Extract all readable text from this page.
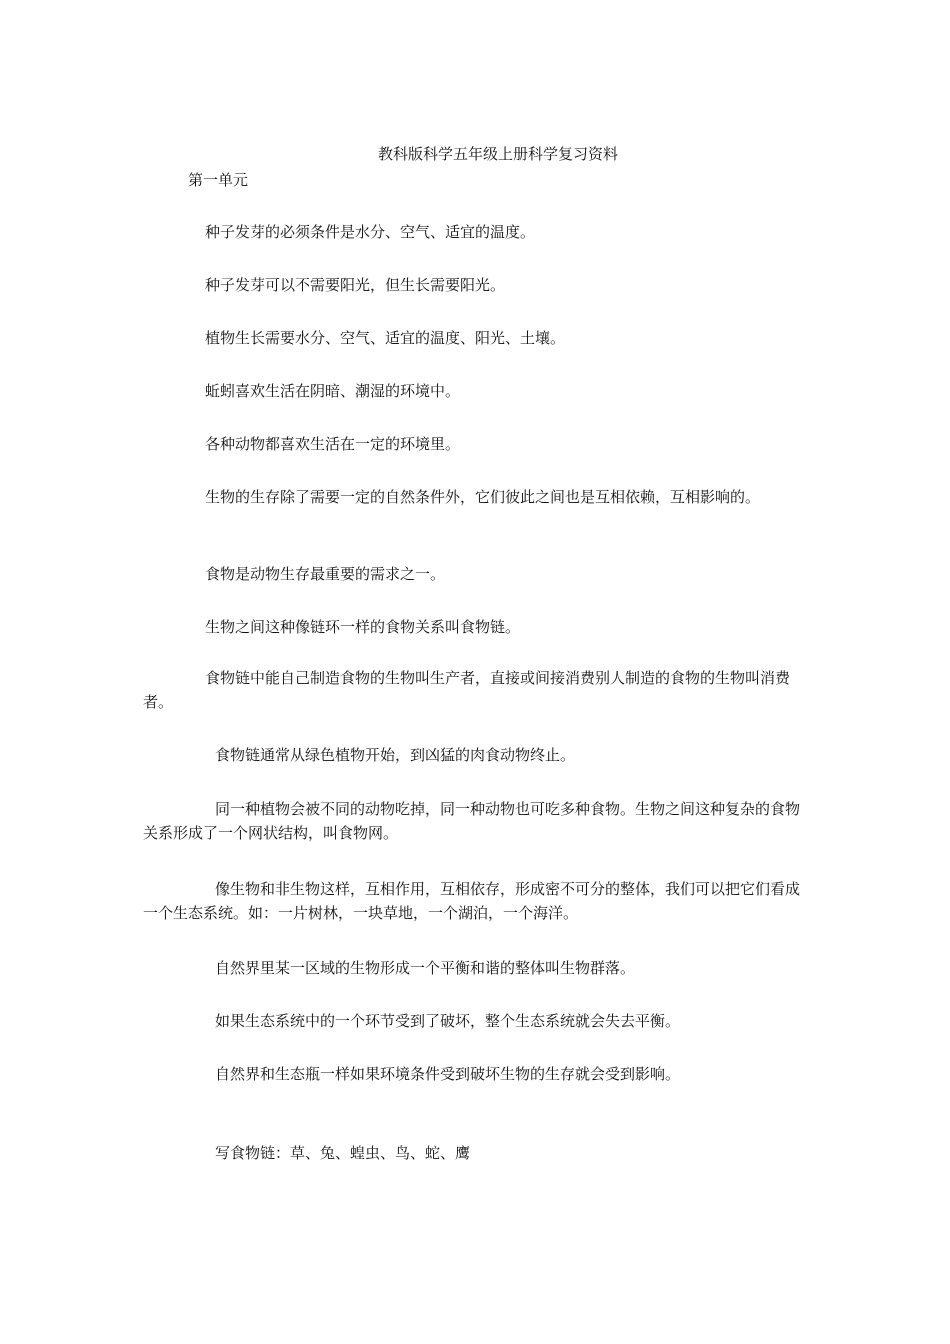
教科版科学五年级上册科学复习资料
第一单元
种子发芽的必须条件是水分、空气、适宜的温度。
种子发芽可以不需要阳光，但生长需要阳光。
植物生长需要水分、空气、适宜的温度、阳光、土壤。
蚯蚓喜欢生活在阴暗、潮湿的环境中。
各种动物都喜欢生活在一定的环境里。
生物的生存除了需要一定的自然条件外，它们彼此之间也是互相依赖，互相影响的。
食物是动物生存最重要的需求之一。
生物之间这种像链环一样的食物关系叫食物链。
食物链中能自己制造食物的生物叫生产者，直接或间接消费别人制造的食物的生物叫消费者。
食物链通常从绿色植物开始，到凶猛的肉食动物终止。
同一种植物会被不同的动物吃掉，同一种动物也可吃多种食物。生物之间这种复杂的食物关系形成了一个网状结构，叫食物网。
像生物和非生物这样，互相作用，互相依存，形成密不可分的整体，我们可以把它们看成一个生态系统。如：一片树林，一块草地，一个湖泊，一个海洋。
自然界里某一区域的生物形成一个平衡和谐的整体叫生物群落。
如果生态系统中的一个环节受到了破坏，整个生态系统就会失去平衡。
自然界和生态瓶一样如果环境条件受到破坏生物的生存就会受到影响。
写食物链：草、兔、蝗虫、鸟、蛇、鹰
